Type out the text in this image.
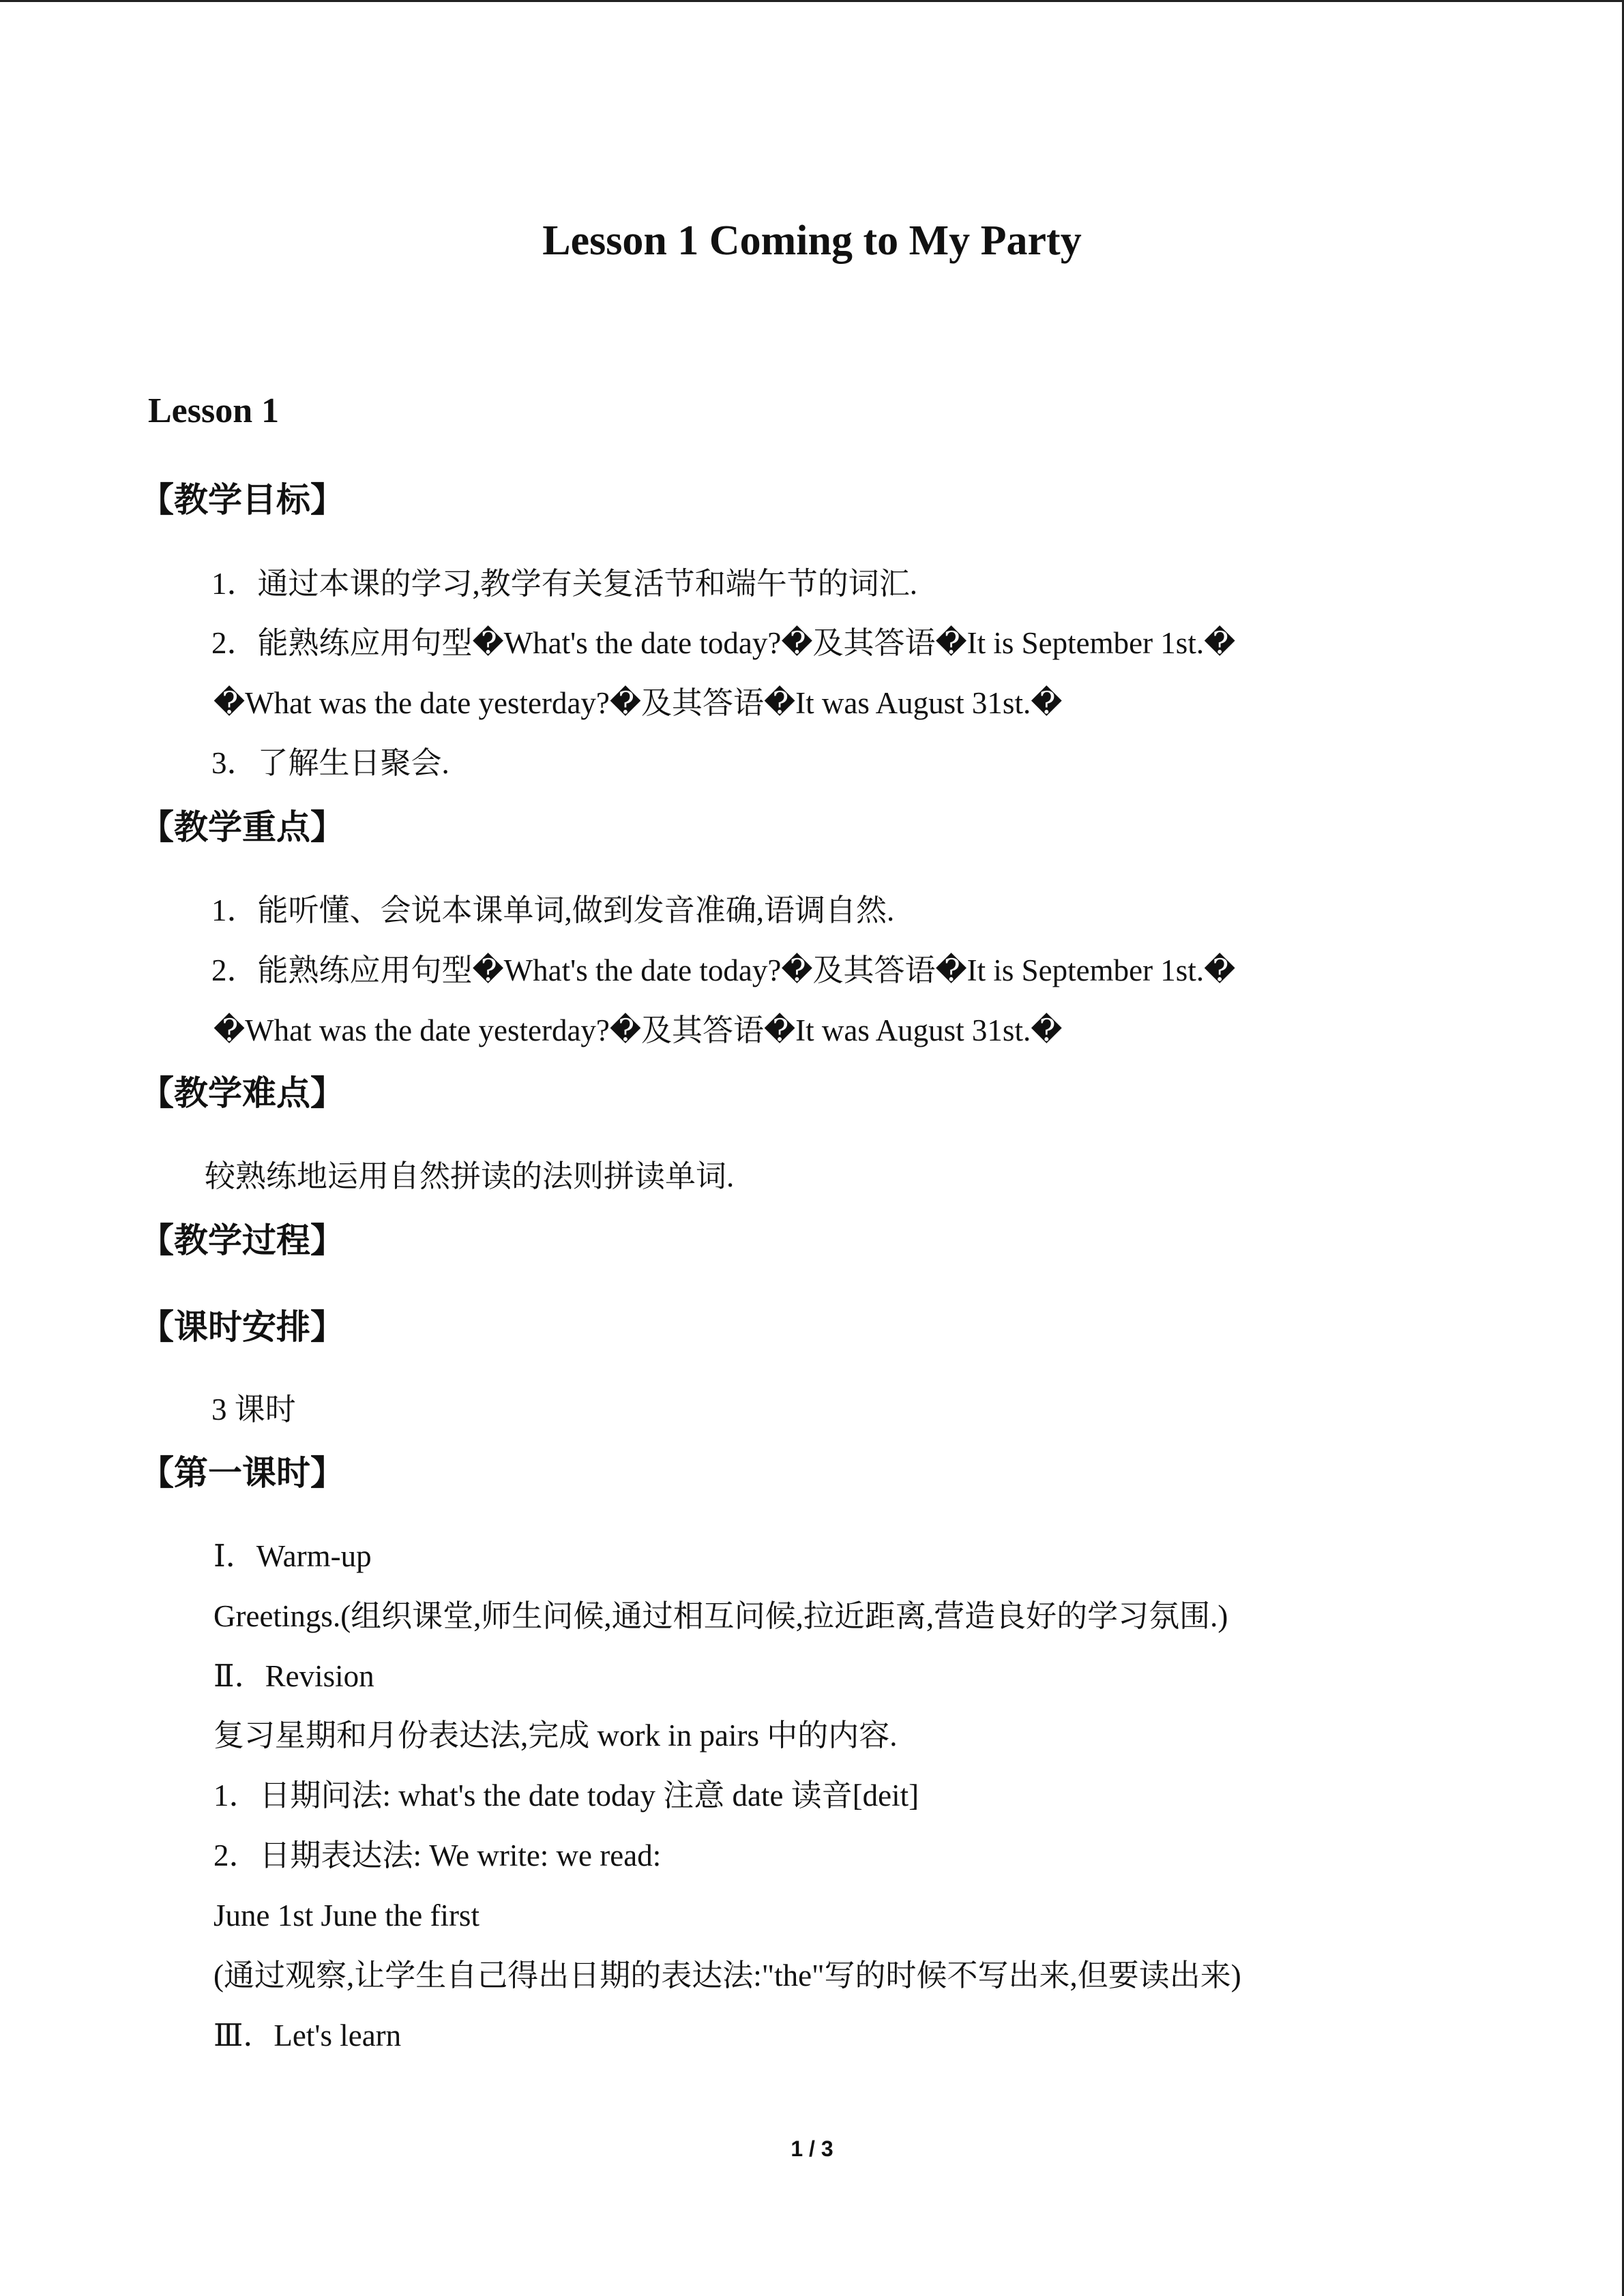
Lesson 1 Coming to My Party
Lesson 1
【教学目标】
1．通过本课的学习,教学有关复活节和端午节的词汇.
2．能熟练应用句型�What's the date today?�及其答语�It is September 1st.�
�What was the date yesterday?�及其答语�It was August 31st.�
3．了解生日聚会.
【教学重点】
1．能听懂、会说本课单词,做到发音准确,语调自然.
2．能熟练应用句型�What's the date today?�及其答语�It is September 1st.�
�What was the date yesterday?�及其答语�It was August 31st.�
【教学难点】
较熟练地运用自然拼读的法则拼读单词.
【教学过程】
【课时安排】
3 课时
【第一课时】
Ⅰ．Warm-up
Greetings.(组织课堂,师生问候,通过相互问候,拉近距离,营造良好的学习氛围.)
Ⅱ．Revision
复习星期和月份表达法,完成 work in pairs 中的内容.
1．日期问法: what's the date today 注意 date 读音[deit]
2．日期表达法: We write: we read:
June 1st June the first
(通过观察,让学生自己得出日期的表达法:"the"写的时候不写出来,但要读出来)
Ⅲ．Let's learn
1 / 3
